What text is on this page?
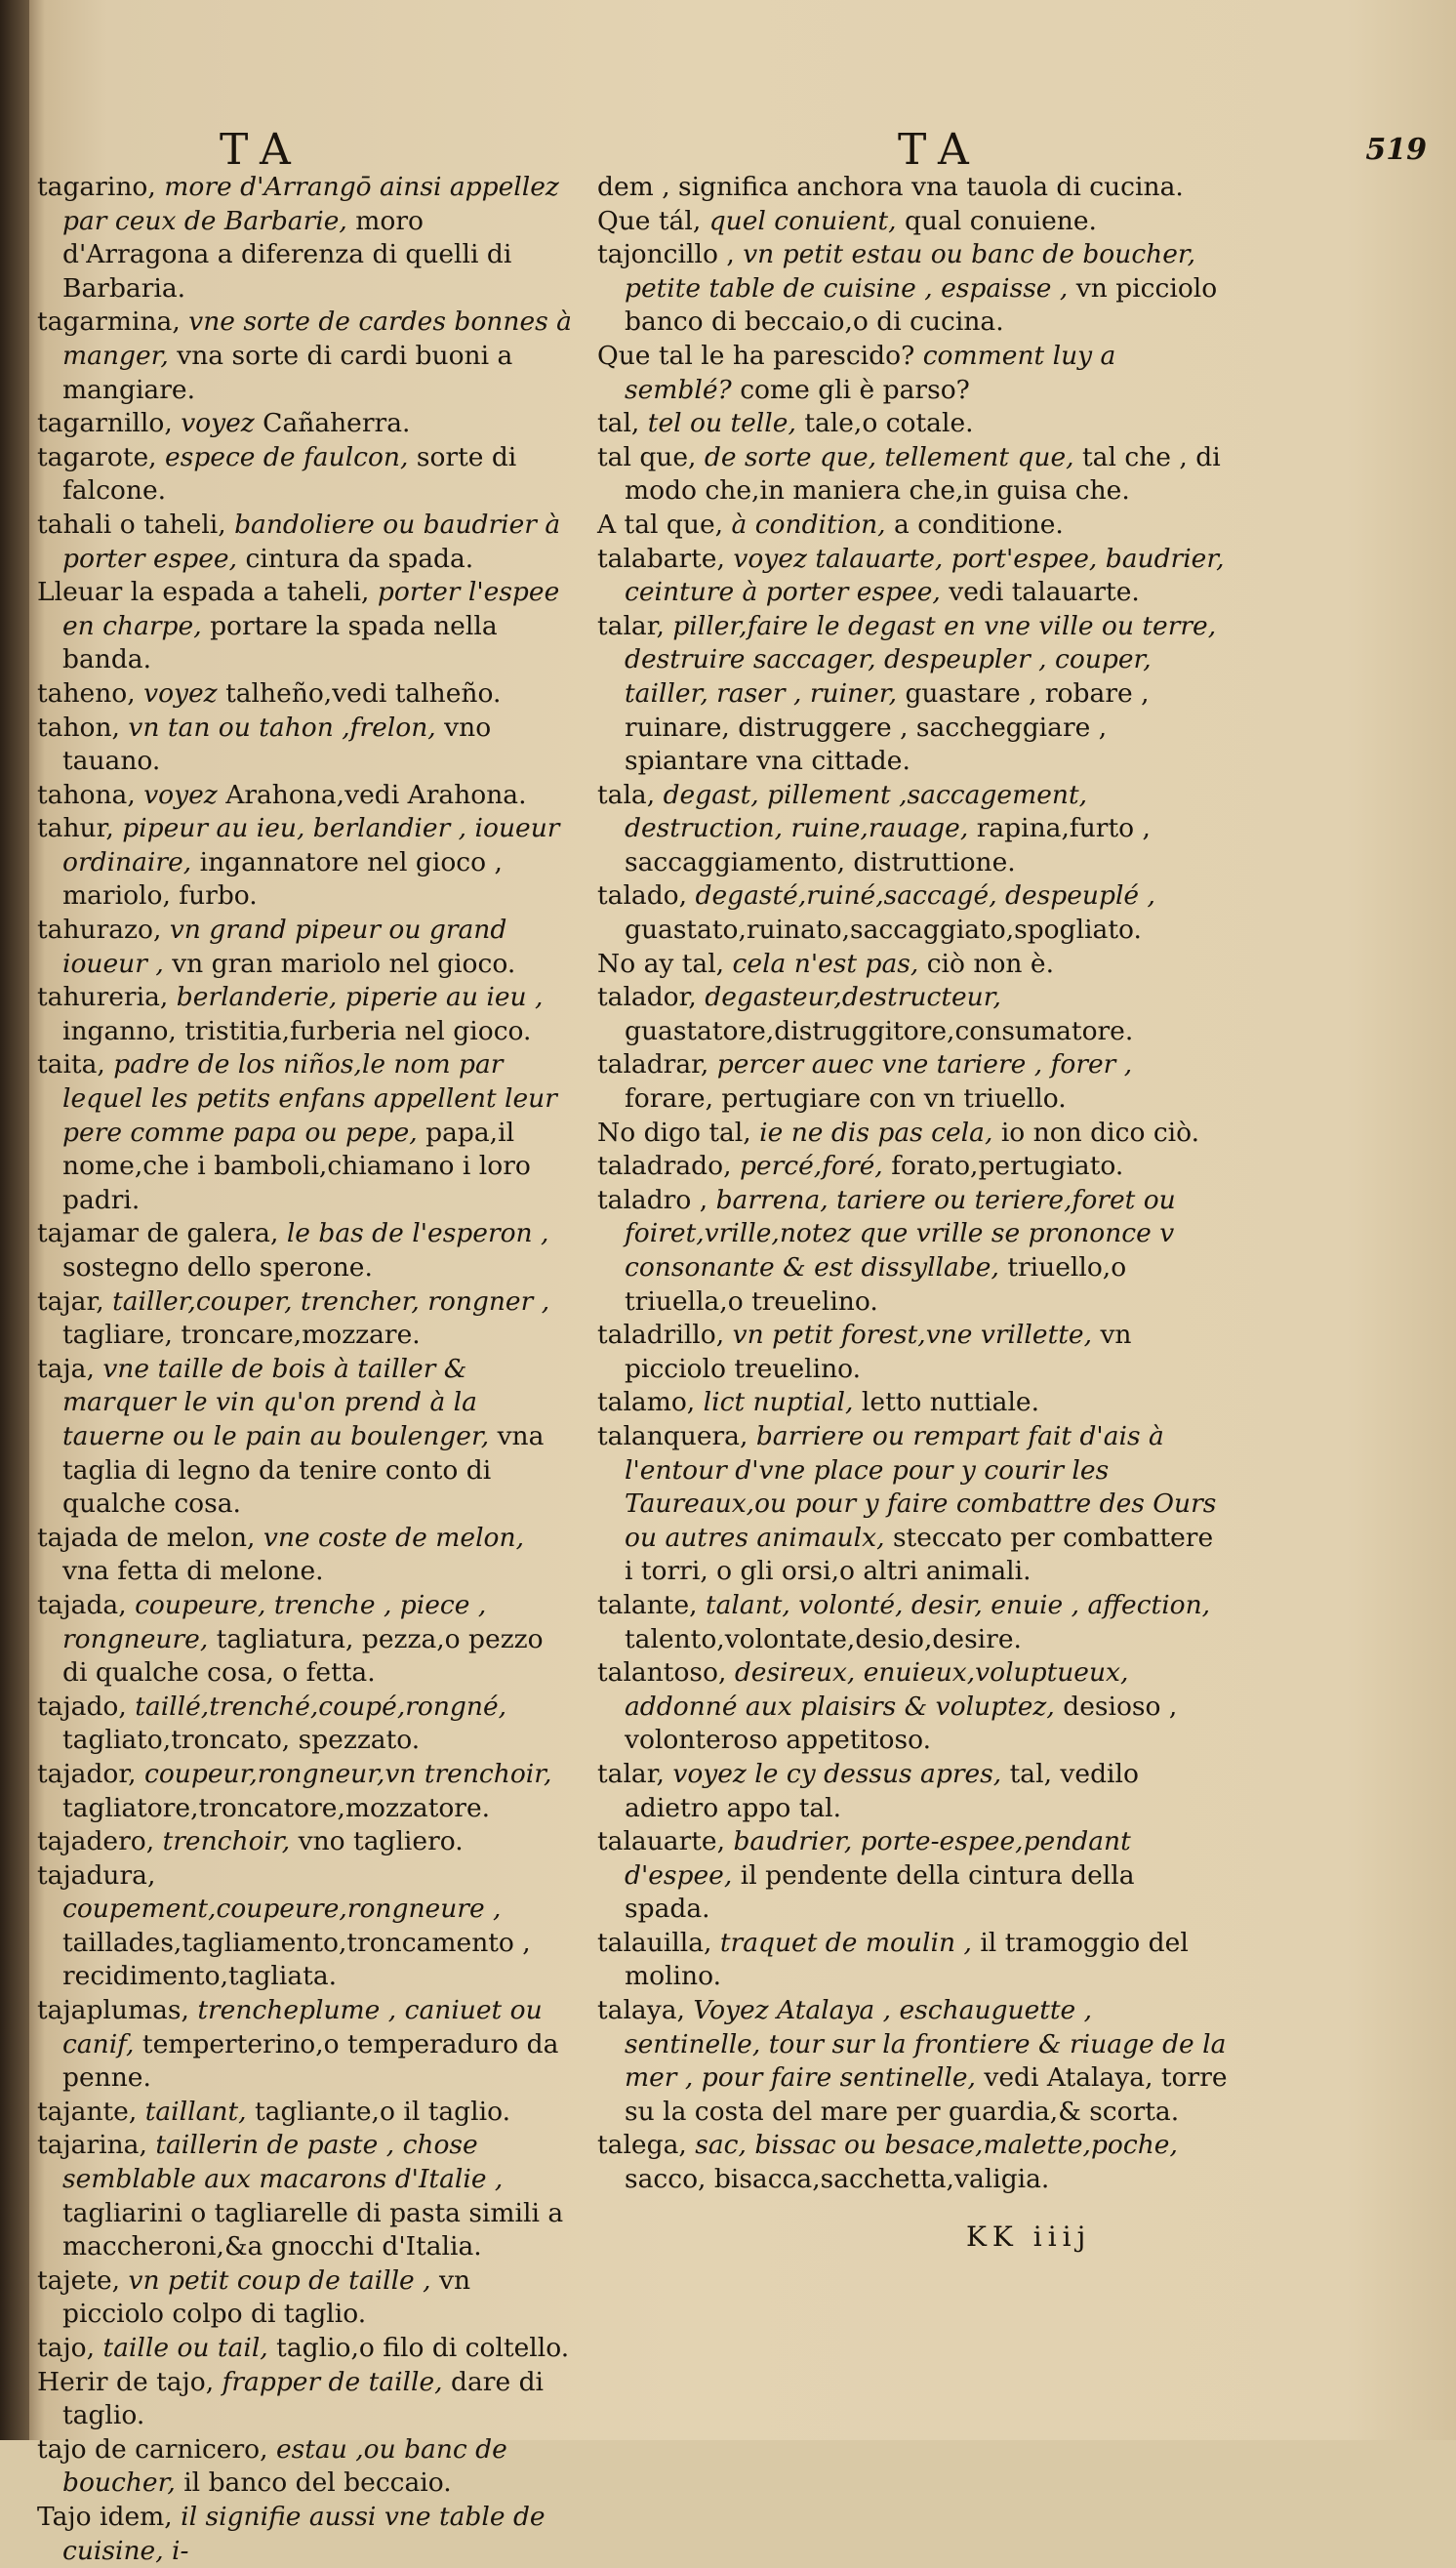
TA	TA	519
tagarino, more d'Arrangō ainsi appellez par ceux de Barbarie, moro d'Arragona a diferenza di quelli di Barbaria.
tagarmina, vne sorte de cardes bonnes à manger, vna sorte di cardi buoni a mangiare.
tagarnillo, voyez Cañaherra.
tagarote, espece de faulcon, sorte di falcone.
tahali o taheli, bandoliere ou baudrier à porter espee, cintura da spada.
Lleuar la espada a taheli, porter l'espee en charpe, portare la spada nella banda.
taheno, voyez talheño,vedi talheño.
tahon, vn tan ou tahon ,frelon, vno tauano.
tahona, voyez Arahona,vedi Arahona.
tahur, pipeur au ieu, berlandier , ioueur ordinaire, ingannatore nel gioco , mariolo, furbo.
tahurazo, vn grand pipeur ou grand ioueur , vn gran mariolo nel gioco.
tahureria, berlanderie, piperie au ieu , inganno, tristitia,furberia nel gioco.
taita, padre de los niños,le nom par lequel les petits enfans appellent leur pere comme papa ou pepe, papa,il nome,che i bamboli,chiamano i loro padri.
tajamar de galera, le bas de l'esperon , sostegno dello sperone.
tajar, tailler,couper, trencher, rongner , tagliare, troncare,mozzare.
taja, vne taille de bois à tailler & marquer le vin qu'on prend à la tauerne ou le pain au boulenger, vna taglia di legno da tenire conto di qualche cosa.
tajada de melon, vne coste de melon, vna fetta di melone.
tajada, coupeure, trenche , piece , rongneure, tagliatura, pezza,o pezzo di qualche cosa, o fetta.
tajado, taillé,trenché,coupé,rongné, tagliato,troncato, spezzato.
tajador, coupeur,rongneur,vn trenchoir, tagliatore,troncatore,mozzatore.
tajadero, trenchoir, vno tagliero.
tajadura, coupement,coupeure,rongneure , taillades,tagliamento,troncamento , recidimento,tagliata.
tajaplumas, trencheplume , caniuet ou canif, temperterino,o temperaduro da penne.
tajante, taillant, tagliante,o il taglio.
tajarina, taillerin de paste , chose semblable aux macarons d'Italie , tagliarini o tagliarelle di pasta simili a maccheroni,&a gnocchi d'Italia.
tajete, vn petit coup de taille , vn picciolo colpo di taglio.
tajo, taille ou tail, taglio,o filo di coltello.
Herir de tajo, frapper de taille, dare di taglio.
tajo de carnicero, estau ,ou banc de boucher, il banco del beccaio.
Tajo idem, il signifie aussi vne table de cuisine, i-
dem , significa anchora vna tauola di cucina.
Que tál, quel conuient, qual conuiene.
tajoncillo , vn petit estau ou banc de boucher, petite table de cuisine , espaisse , vn picciolo banco di beccaio,o di cucina.
Que tal le ha parescido? comment luy a semblé? come gli è parso?
tal, tel ou telle, tale,o cotale.
tal que, de sorte que, tellement que, tal che , di modo che,in maniera che,in guisa che.
A tal que, à condition, a conditione.
talabarte, voyez talauarte, port'espee, baudrier, ceinture à porter espee, vedi talauarte.
talar, piller,faire le degast en vne ville ou terre, destruire saccager, despeupler , couper, tailler, raser , ruiner, guastare , robare , ruinare, distruggere , saccheggiare , spiantare vna cittade.
tala, degast, pillement ,saccagement, destruction, ruine,rauage, rapina,furto , saccaggiamento, distruttione.
talado, degasté,ruiné,saccagé, despeuplé , guastato,ruinato,saccaggiato,spogliato.
No ay tal, cela n'est pas, ciò non è.
talador, degasteur,destructeur, guastatore,distruggitore,consumatore.
taladrar, percer auec vne tariere , forer , forare, pertugiare con vn triuello.
No digo tal, ie ne dis pas cela, io non dico ciò.
taladrado, percé,foré, forato,pertugiato.
taladro , barrena, tariere ou teriere,foret ou foiret,vrille,notez que vrille se prononce v consonante & est dissyllabe, triuello,o triuella,o treuelino.
taladrillo, vn petit forest,vne vrillette, vn picciolo treuelino.
talamo, lict nuptial, letto nuttiale.
talanquera, barriere ou rempart fait d'ais à l'entour d'vne place pour y courir les Taureaux,ou pour y faire combattre des Ours ou autres animaulx, steccato per combattere i torri, o gli orsi,o altri animali.
talante, talant, volonté, desir, enuie , affection, talento,volontate,desio,desire.
talantoso, desireux, enuieux,voluptueux, addonné aux plaisirs & voluptez, desioso , volonteroso appetitoso.
talar, voyez le cy dessus apres, tal, vedilo adietro appo tal.
talauarte, baudrier, porte-espee,pendant d'espee, il pendente della cintura della spada.
talauilla, traquet de moulin , il tramoggio del molino.
talaya, Voyez Atalaya , eschauguette , sentinelle, tour sur la frontiere & riuage de la mer , pour faire sentinelle, vedi Atalaya, torre su la costa del mare per guardia,& scorta.
talega, sac, bissac ou besace,malette,poche, sacco, bisacca,sacchetta,valigia.
KK iiij
